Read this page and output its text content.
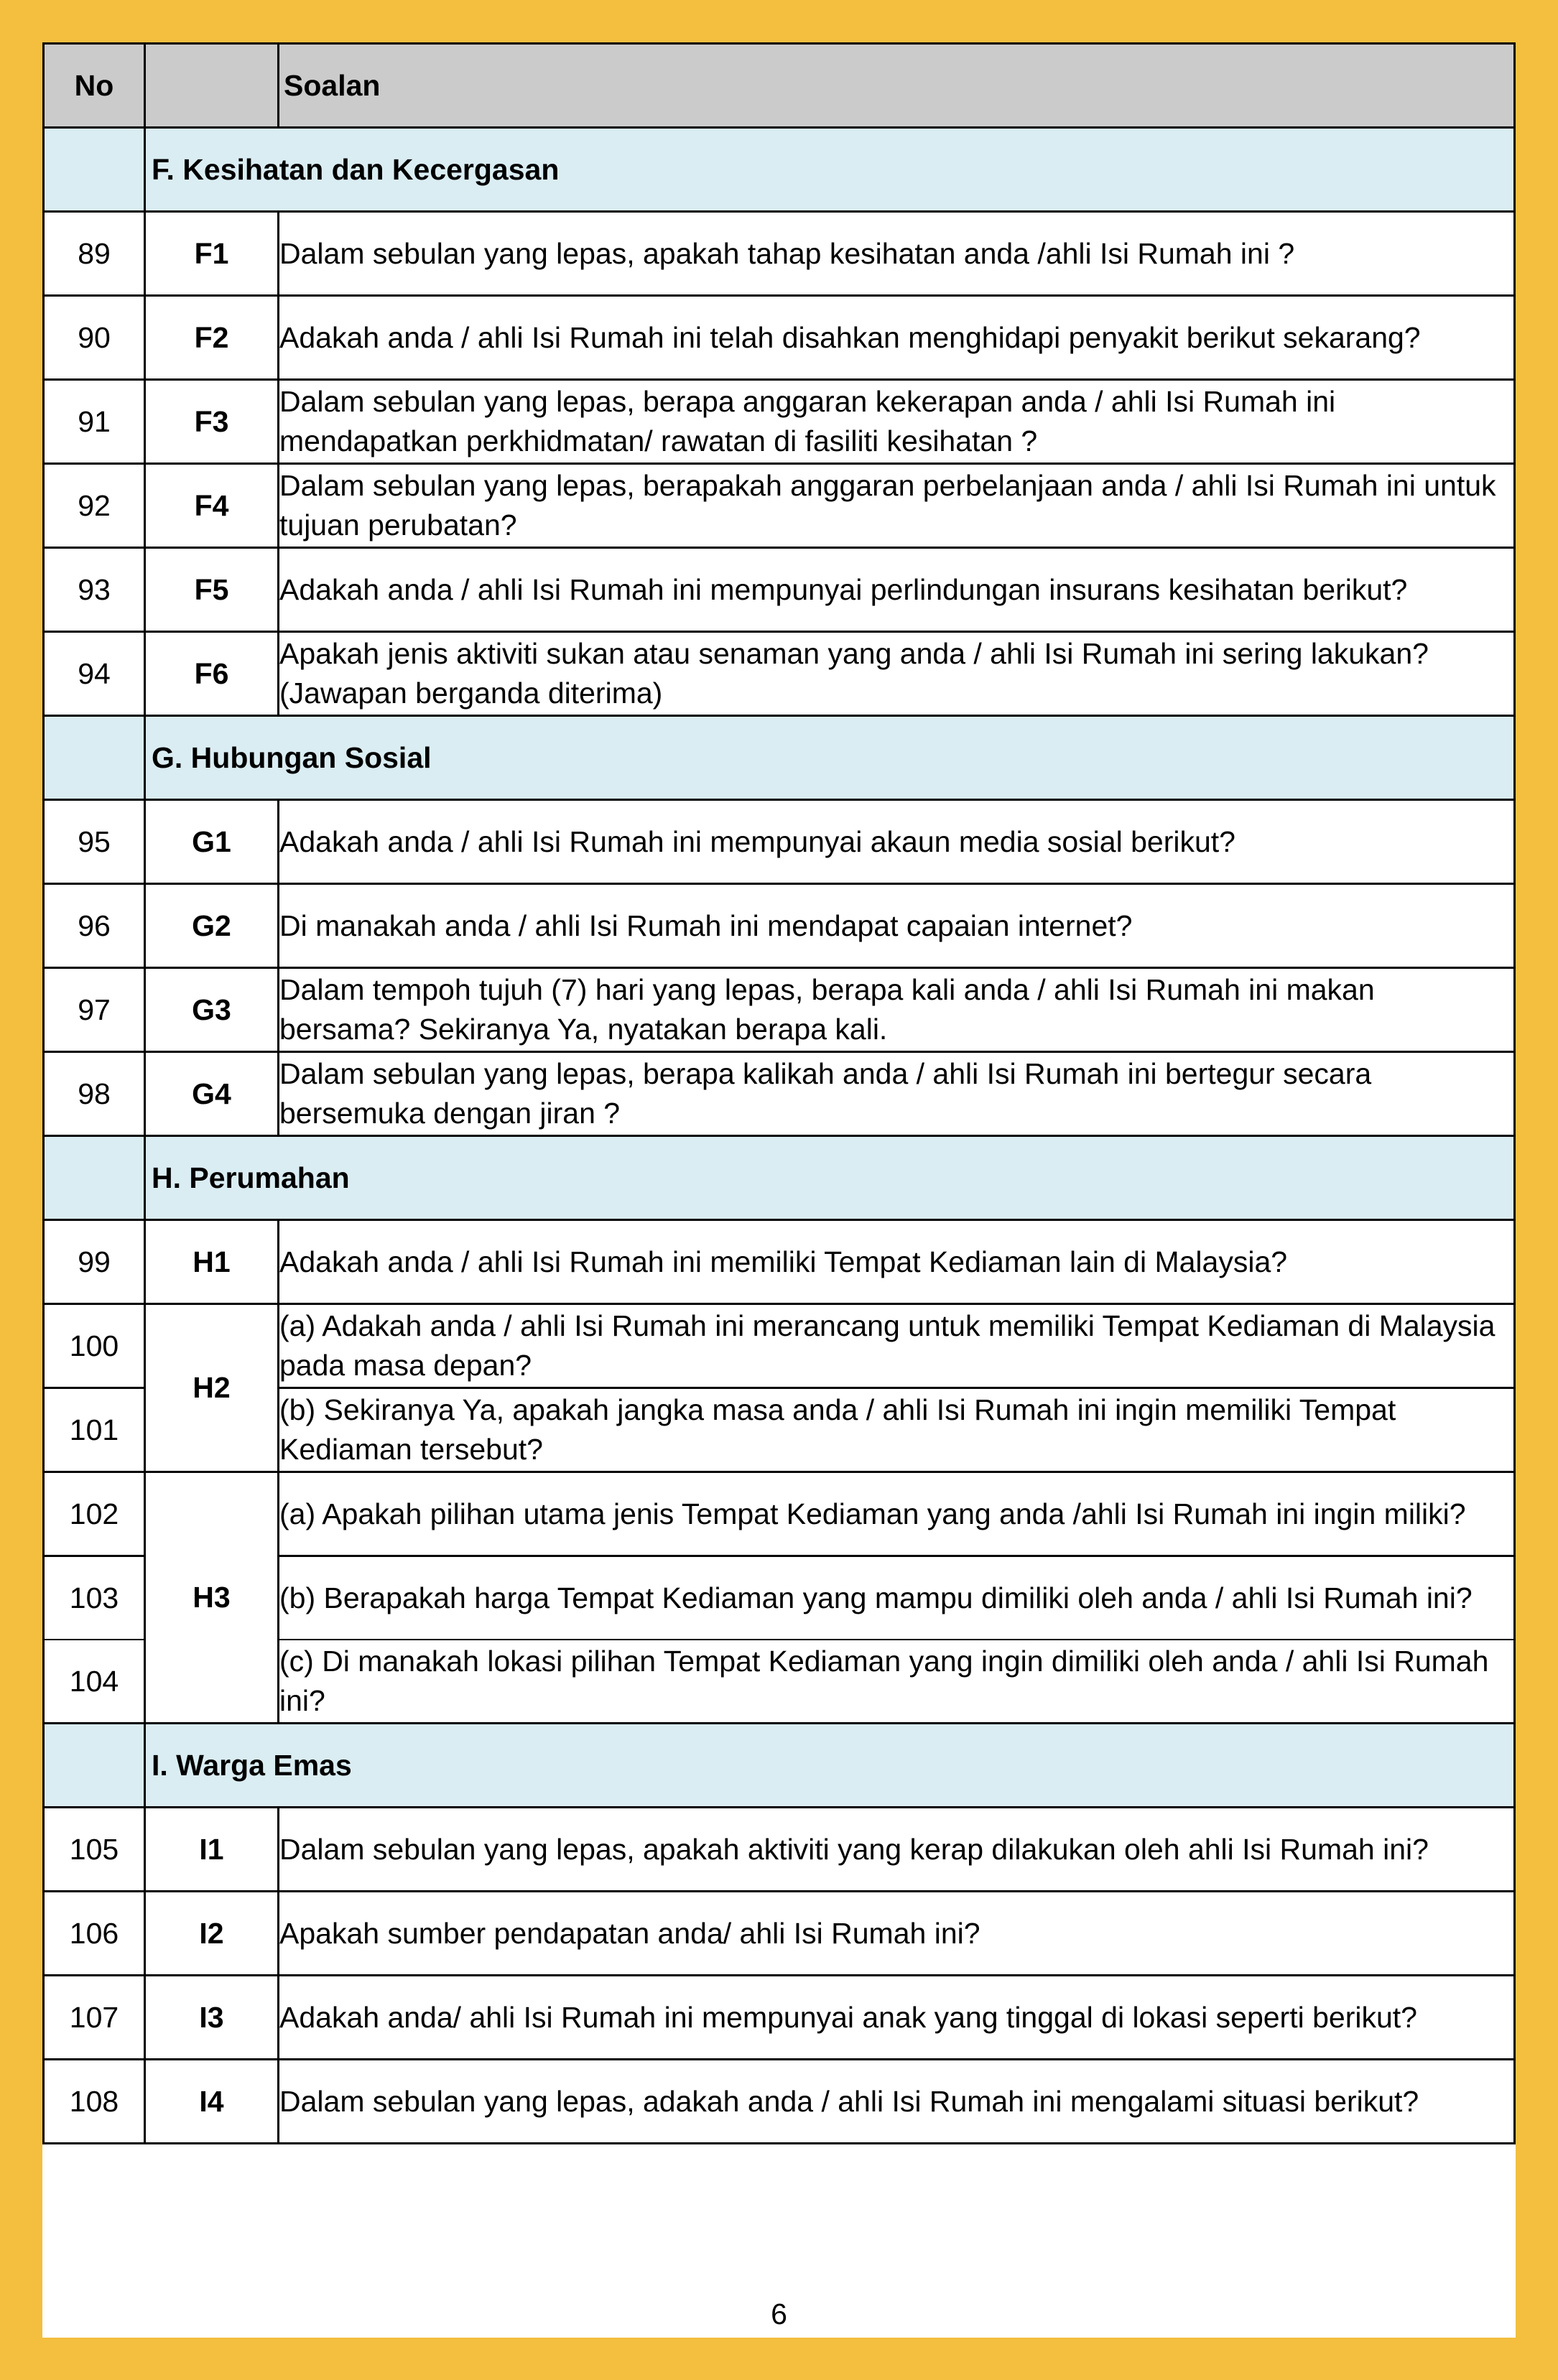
No		Soalan
	F. Kesihatan dan Kecergasan	
89	F1	Dalam sebulan yang lepas, apakah tahap kesihatan anda /ahli Isi Rumah ini ?
90	F2	Adakah anda / ahli Isi Rumah ini telah disahkan menghidapi penyakit berikut sekarang?
91	F3	Dalam sebulan yang lepas, berapa anggaran kekerapan anda / ahli Isi Rumah ini mendapatkan perkhidmatan/ rawatan di fasiliti kesihatan ?
92	F4	Dalam sebulan yang lepas, berapakah anggaran perbelanjaan anda / ahli Isi Rumah ini untuk tujuan perubatan?
93	F5	Adakah anda / ahli Isi Rumah ini mempunyai perlindungan insurans kesihatan berikut?
94	F6	Apakah jenis aktiviti sukan atau senaman yang anda / ahli Isi Rumah ini sering lakukan? (Jawapan berganda diterima)
	G. Hubungan Sosial	
95	G1	Adakah anda / ahli Isi Rumah ini mempunyai akaun media sosial berikut?
96	G2	Di manakah anda / ahli Isi Rumah ini mendapat capaian internet?
97	G3	Dalam tempoh tujuh (7) hari yang lepas, berapa kali anda / ahli Isi Rumah ini makan bersama? Sekiranya Ya, nyatakan berapa kali.
98	G4	Dalam sebulan yang lepas, berapa kalikah anda / ahli Isi Rumah ini bertegur secara bersemuka dengan jiran ?
	H. Perumahan	
99	H1	Adakah anda / ahli Isi Rumah ini memiliki Tempat Kediaman lain di Malaysia?
100	H2	(a) Adakah anda / ahli Isi Rumah ini merancang untuk memiliki Tempat Kediaman di Malaysia pada masa depan?
101		(b) Sekiranya Ya, apakah jangka masa anda / ahli Isi Rumah ini ingin memiliki Tempat Kediaman tersebut?
102	H3	(a) Apakah pilihan utama jenis Tempat Kediaman yang anda /ahli Isi Rumah ini ingin miliki?
103		(b) Berapakah harga Tempat Kediaman yang mampu dimiliki oleh anda / ahli Isi Rumah ini?
104		(c) Di manakah lokasi pilihan Tempat Kediaman yang ingin dimiliki oleh anda / ahli Isi Rumah ini?
	I. Warga Emas	
105	I1	Dalam sebulan yang lepas, apakah aktiviti yang kerap dilakukan oleh ahli Isi Rumah ini?
106	I2	Apakah sumber pendapatan anda/ ahli Isi Rumah ini?
107	I3	Adakah anda/ ahli Isi Rumah ini mempunyai anak yang tinggal di lokasi seperti berikut?
108	I4	Dalam sebulan yang lepas, adakah anda / ahli Isi Rumah ini mengalami situasi berikut?
6
